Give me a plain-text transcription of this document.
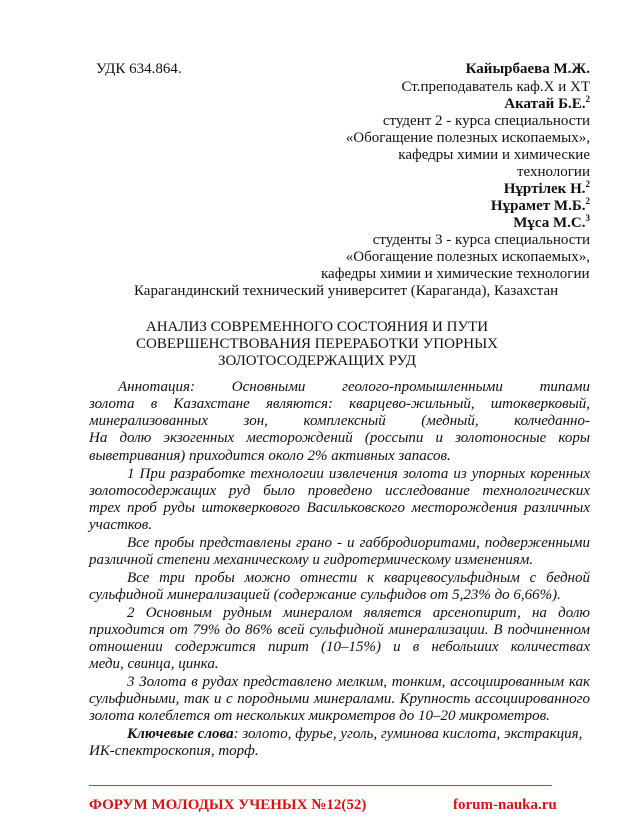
УДК 634.864.	Кайырбаева М.Ж.
Ст.преподаватель каф.Х и ХТ
Акатай Б.Е.$^2$
студент 2 - курса специальности
«Обогащение полезных ископаемых»,
кафедры химии и химические
технологии
Нұртілек Н.$^2$
Нұрамет М.Б.$^2$
Мұса М.С.$^3$
студенты 3 - курса специальности
«Обогащение полезных ископаемых»,
кафедры химии и химические технологии
Карагандинский технический университет (Караганда), Казахстан
АНАЛИЗ СОВРЕМЕННОГО СОСТОЯНИЯ И ПУТИ
СОВЕРШЕНСТВОВАНИЯ ПЕРЕРАБОТКИ УПОРНЫХ
ЗОЛОТОСОДЕРЖАЩИХ РУД
Аннотация: Основными геолого-промышленными типами
золота в Казахстане являются: кварцево-жильный, штокверковый,
минерализованных зон, комплексный (медный, колчеданно-
На долю экзогенных месторождений (россыпи и золотоносные коры
выветривания) приходится около 2% активных запасов.
1 При разработке технологии извлечения золота из упорных коренных
золотосодержащих руд было проведено исследование технологических
трех проб руды штокверкового Васильковского месторождения различных
участков.
Все пробы представлены грано - и габбродиоритами, подверженными
различной степени механическому и гидротермическому изменениям.
Все три пробы можно отнести к кварцевосульфидным с бедной
сульфидной минерализацией (содержание сульфидов от 5,23% до 6,66%).
2 Основным рудным минералом является арсенопирит, на долю
приходится от 79% до 86% всей сульфидной минерализации. В подчиненном
отношении содержится пирит (10–15%) и в небольших количествах
меди, свинца, цинка.
3 Золота в рудах представлено мелким, тонким, ассоциированным как
сульфидными, так и с породными минералами. Крупность ассоциированного
золота колеблется от нескольких микрометров до 10–20 микрометров.
Ключевые слова: золото, фурье, уголь, гуминова кислота, экстракция,
ИК-спектроскопия, торф.
ФОРУМ МОЛОДЫХ УЧЕНЫХ №12(52)	forum-nauka.ru
